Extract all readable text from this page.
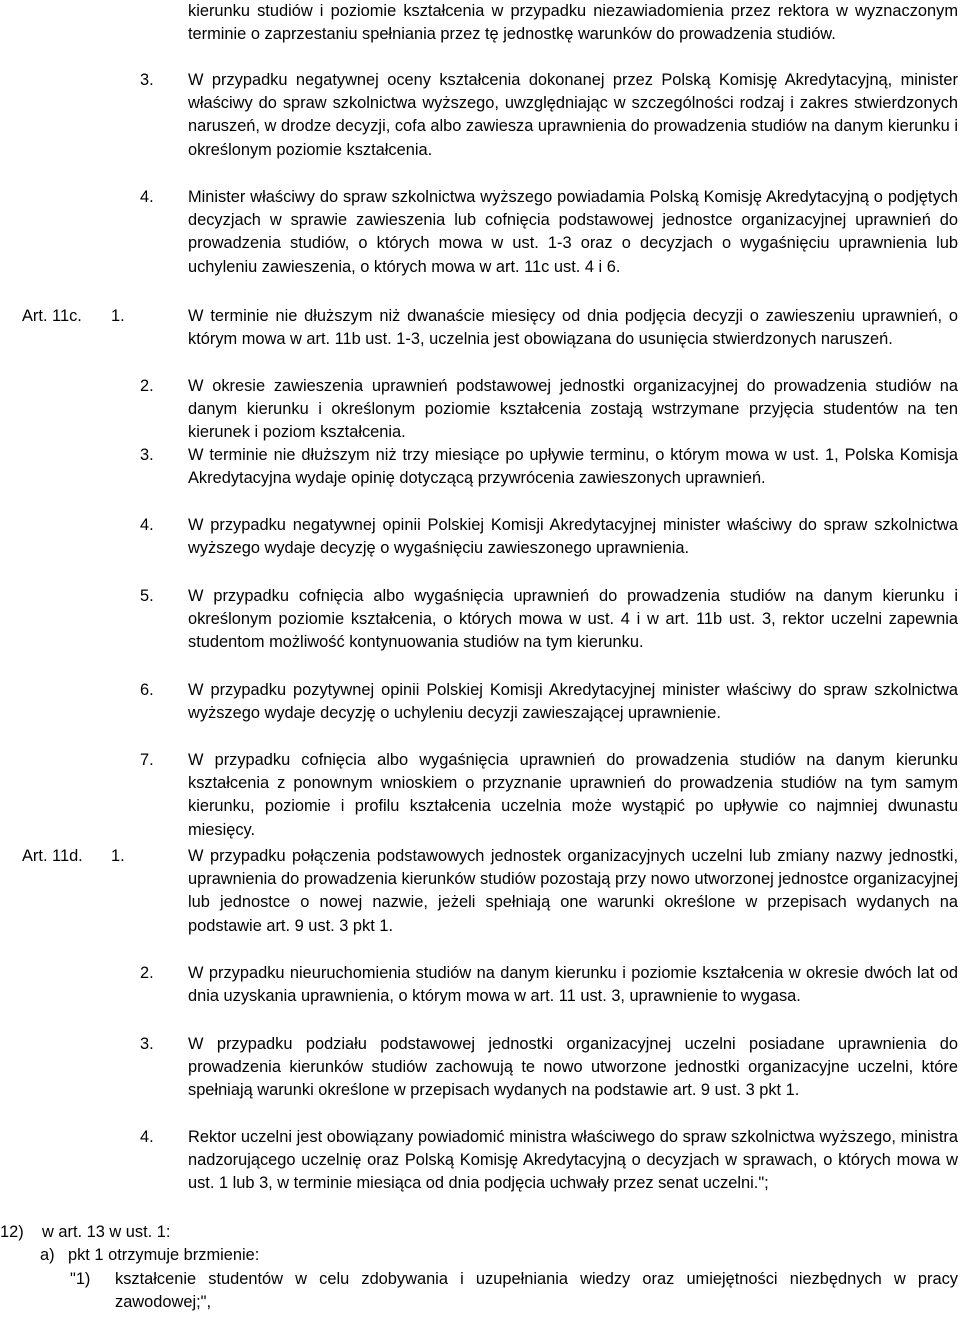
kierunku studiów i poziomie kształcenia w przypadku niezawiadomienia przez rektora w wyznaczonym terminie o zaprzestaniu spełniania przez tę jednostkę warunków do prowadzenia studiów.
3. W przypadku negatywnej oceny kształcenia dokonanej przez Polską Komisję Akredytacyjną, minister właściwy do spraw szkolnictwa wyższego, uwzględniając w szczególności rodzaj i zakres stwierdzonych naruszeń, w drodze decyzji, cofa albo zawiesza uprawnienia do prowadzenia studiów na danym kierunku i określonym poziomie kształcenia.
4. Minister właściwy do spraw szkolnictwa wyższego powiadamia Polską Komisję Akredytacyjną o podjętych decyzjach w sprawie zawieszenia lub cofnięcia podstawowej jednostce organizacyjnej uprawnień do prowadzenia studiów, o których mowa w ust. 1-3 oraz o decyzjach o wygaśnięciu uprawnienia lub uchyleniu zawieszenia, o których mowa w art. 11c ust. 4 i 6.
Art. 11c. 1.	W terminie nie dłuższym niż dwanaście miesięcy od dnia podjęcia decyzji o zawieszeniu uprawnień, o którym mowa w art. 11b ust. 1-3, uczelnia jest obowiązana do usunięcia stwierdzonych naruszeń.
2. W okresie zawieszenia uprawnień podstawowej jednostki organizacyjnej do prowadzenia studiów na danym kierunku i określonym poziomie kształcenia zostają wstrzymane przyjęcia studentów na ten kierunek i poziom kształcenia.
3. W terminie nie dłuższym niż trzy miesiące po upływie terminu, o którym mowa w ust. 1, Polska Komisja Akredytacyjna wydaje opinię dotyczącą przywrócenia zawieszonych uprawnień.
4. W przypadku negatywnej opinii Polskiej Komisji Akredytacyjnej minister właściwy do spraw szkolnictwa wyższego wydaje decyzję o wygaśnięciu zawieszonego uprawnienia.
5. W przypadku cofnięcia albo wygaśnięcia uprawnień do prowadzenia studiów na danym kierunku i określonym poziomie kształcenia, o których mowa w ust. 4 i w art. 11b ust. 3, rektor uczelni zapewnia studentom możliwość kontynuowania studiów na tym kierunku.
6. W przypadku pozytywnej opinii Polskiej Komisji Akredytacyjnej minister właściwy do spraw szkolnictwa wyższego wydaje decyzję o uchyleniu decyzji zawieszającej uprawnienie.
7. W przypadku cofnięcia albo wygaśnięcia uprawnień do prowadzenia studiów na danym kierunku kształcenia z ponownym wnioskiem o przyznanie uprawnień do prowadzenia studiów na tym samym kierunku, poziomie i profilu kształcenia uczelnia może wystąpić po upływie co najmniej dwunastu miesięcy.
Art. 11d. 1.	W przypadku połączenia podstawowych jednostek organizacyjnych uczelni lub zmiany nazwy jednostki, uprawnienia do prowadzenia kierunków studiów pozostają przy nowo utworzonej jednostce organizacyjnej lub jednostce o nowej nazwie, jeżeli spełniają one warunki określone w przepisach wydanych na podstawie art. 9 ust. 3 pkt 1.
2. W przypadku nieuruchomienia studiów na danym kierunku i poziomie kształcenia w okresie dwóch lat od dnia uzyskania uprawnienia, o którym mowa w art. 11 ust. 3, uprawnienie to wygasa.
3. W przypadku podziału podstawowej jednostki organizacyjnej uczelni posiadane uprawnienia do prowadzenia kierunków studiów zachowują te nowo utworzone jednostki organizacyjne uczelni, które spełniają warunki określone w przepisach wydanych na podstawie art. 9 ust. 3 pkt 1.
4. Rektor uczelni jest obowiązany powiadomić ministra właściwego do spraw szkolnictwa wyższego, ministra nadzorującego uczelnię oraz Polską Komisję Akredytacyjną o decyzjach w sprawach, o których mowa w ust. 1 lub 3, w terminie miesiąca od dnia podjęcia uchwały przez senat uczelni.";
12) w art. 13 w ust. 1:
a) pkt 1 otrzymuje brzmienie:
"1) kształcenie studentów w celu zdobywania i uzupełniania wiedzy oraz umiejętności niezbędnych w pracy zawodowej;",
